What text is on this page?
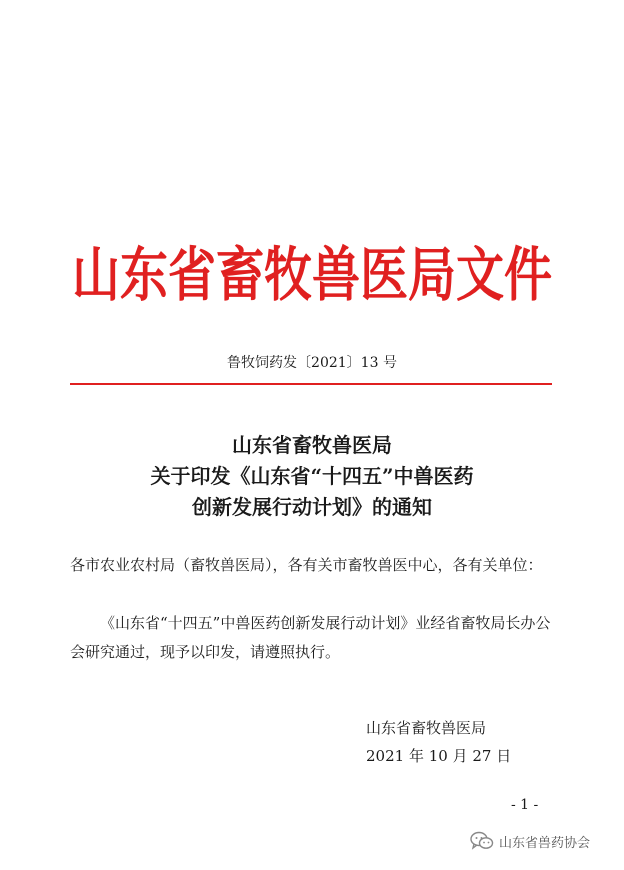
山东省畜牧兽医局文件
鲁牧饲药发〔2021〕13 号
山东省畜牧兽医局
关于印发《山东省“十四五”中兽医药
创新发展行动计划》的通知
各市农业农村局（畜牧兽医局），各有关市畜牧兽医中心，各有关单位：
《山东省“十四五”中兽医药创新发展行动计划》业经省畜牧局长办公会研究通过，现予以印发，请遵照执行。
山东省畜牧兽医局
2021 年 10 月 27 日
- 1 -
山东省兽药协会
